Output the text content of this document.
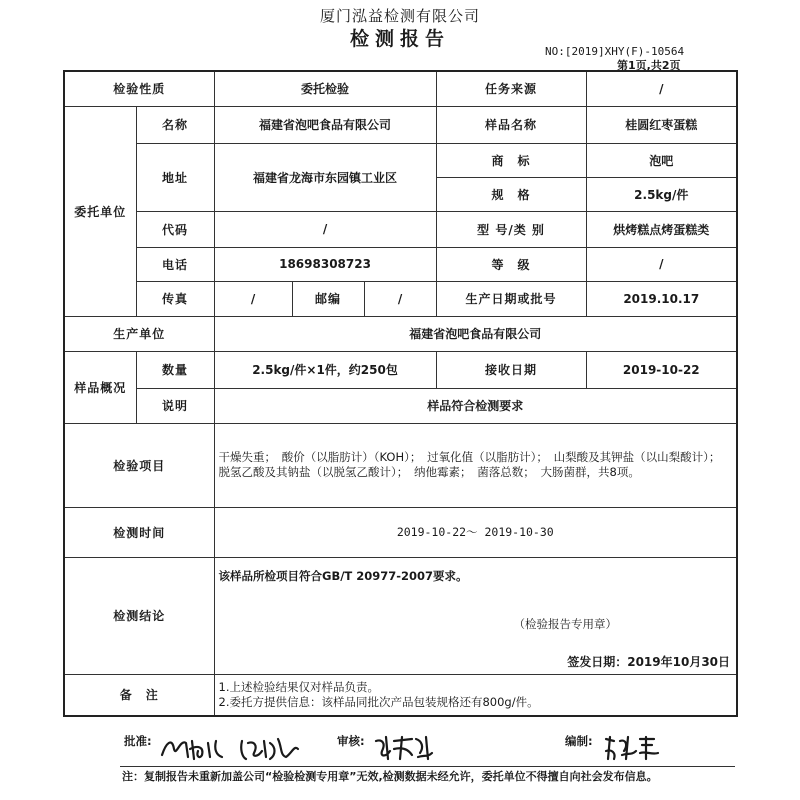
厦门泓益检测有限公司
检测报告
NO:[2019]XHY(F)-10564
第1页,共2页
检验性质		委托检验			任务来源	/
委托单位	名称	福建省泡吧食品有限公司			样品名称	桂圆红枣蛋糕
	地址	福建省龙海市东园镇工业区			商　标	泡吧
					规　格	2.5kg/件
	代码	/			型 号/类 别	烘烤糕点烤蛋糕类
	电话	18698308723			等　级	/
	传真	/	邮编	/	生产日期或批号	2019.10.17
生产单位		福建省泡吧食品有限公司				
样品概况	数量	2.5kg/件×1件，约250包			接收日期	2019-10-22
	说明	样品符合检测要求				
检验项目		干燥失重；　酸价（以脂肪计）（KOH）；　过氧化值（以脂肪计）；　山梨酸及其钾盐（以山梨酸计）；　脱氢乙酸及其钠盐（以脱氢乙酸计）；　纳他霉素；　菌落总数；　大肠菌群，共8项。				

检测时间		2019-10-22～ 2019-10-30				
检测结论		该样品所检项目符合GB/T 20977-2007要求。
（检验报告专用章）
签发日期：2019年10月30日				

备　注		1.上述检验结果仅对样品负责。
2.委托方提供信息：该样品同批次产品包装规格还有800g/件。				
批准:	审核:	编制:
注：复制报告未重新加盖公司“检验检测专用章”无效,检测数据未经允许，委托单位不得擅自向社会发布信息。
